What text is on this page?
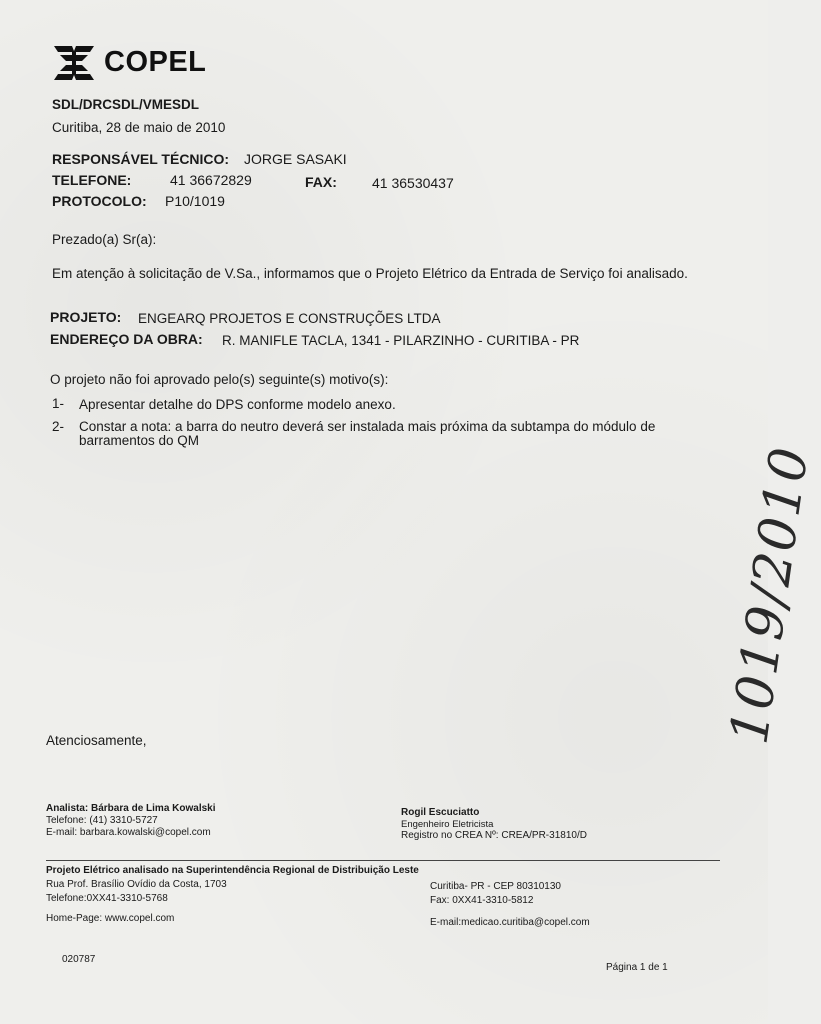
COPEL
SDL/DRCSDL/VMESDL
Curitiba, 28 de maio de 2010
RESPONSÁVEL TÉCNICO: JORGE SASAKI
TELEFONE:	41 36672829	FAX:	41 36530437
PROTOCOLO: P10/1019
Prezado(a) Sr(a):
Em atenção à solicitação de V.Sa., informamos que o Projeto Elétrico da Entrada de Serviço foi analisado.
PROJETO: ENGEARQ PROJETOS E CONSTRUÇÕES LTDA
ENDEREÇO DA OBRA: R. MANIFLE TACLA, 1341 - PILARZINHO - CURITIBA - PR
O projeto não foi aprovado pelo(s) seguinte(s) motivo(s):
1- Apresentar detalhe do DPS conforme modelo anexo.
2- Constar a nota: a barra do neutro deverá ser instalada mais próxima da subtampa do módulo de barramentos do QM
1019/2010
Atenciosamente,
Analista: Bárbara de Lima Kowalski
Telefone: (41) 3310-5727
E-mail: barbara.kowalski@copel.com
Rogil Escuciatto
Engenheiro Eletricista
Registro no CREA Nº: CREA/PR-31810/D
Projeto Elétrico analisado na Superintendência Regional de Distribuição Leste
Rua Prof. Brasílio Ovídio da Costa, 1703
Telefone:0XX41-3310-5768
Home-Page: www.copel.com
Curitiba- PR - CEP 80310130
Fax: 0XX41-3310-5812
E-mail:medicao.curitiba@copel.com
020787
Página 1 de 1
